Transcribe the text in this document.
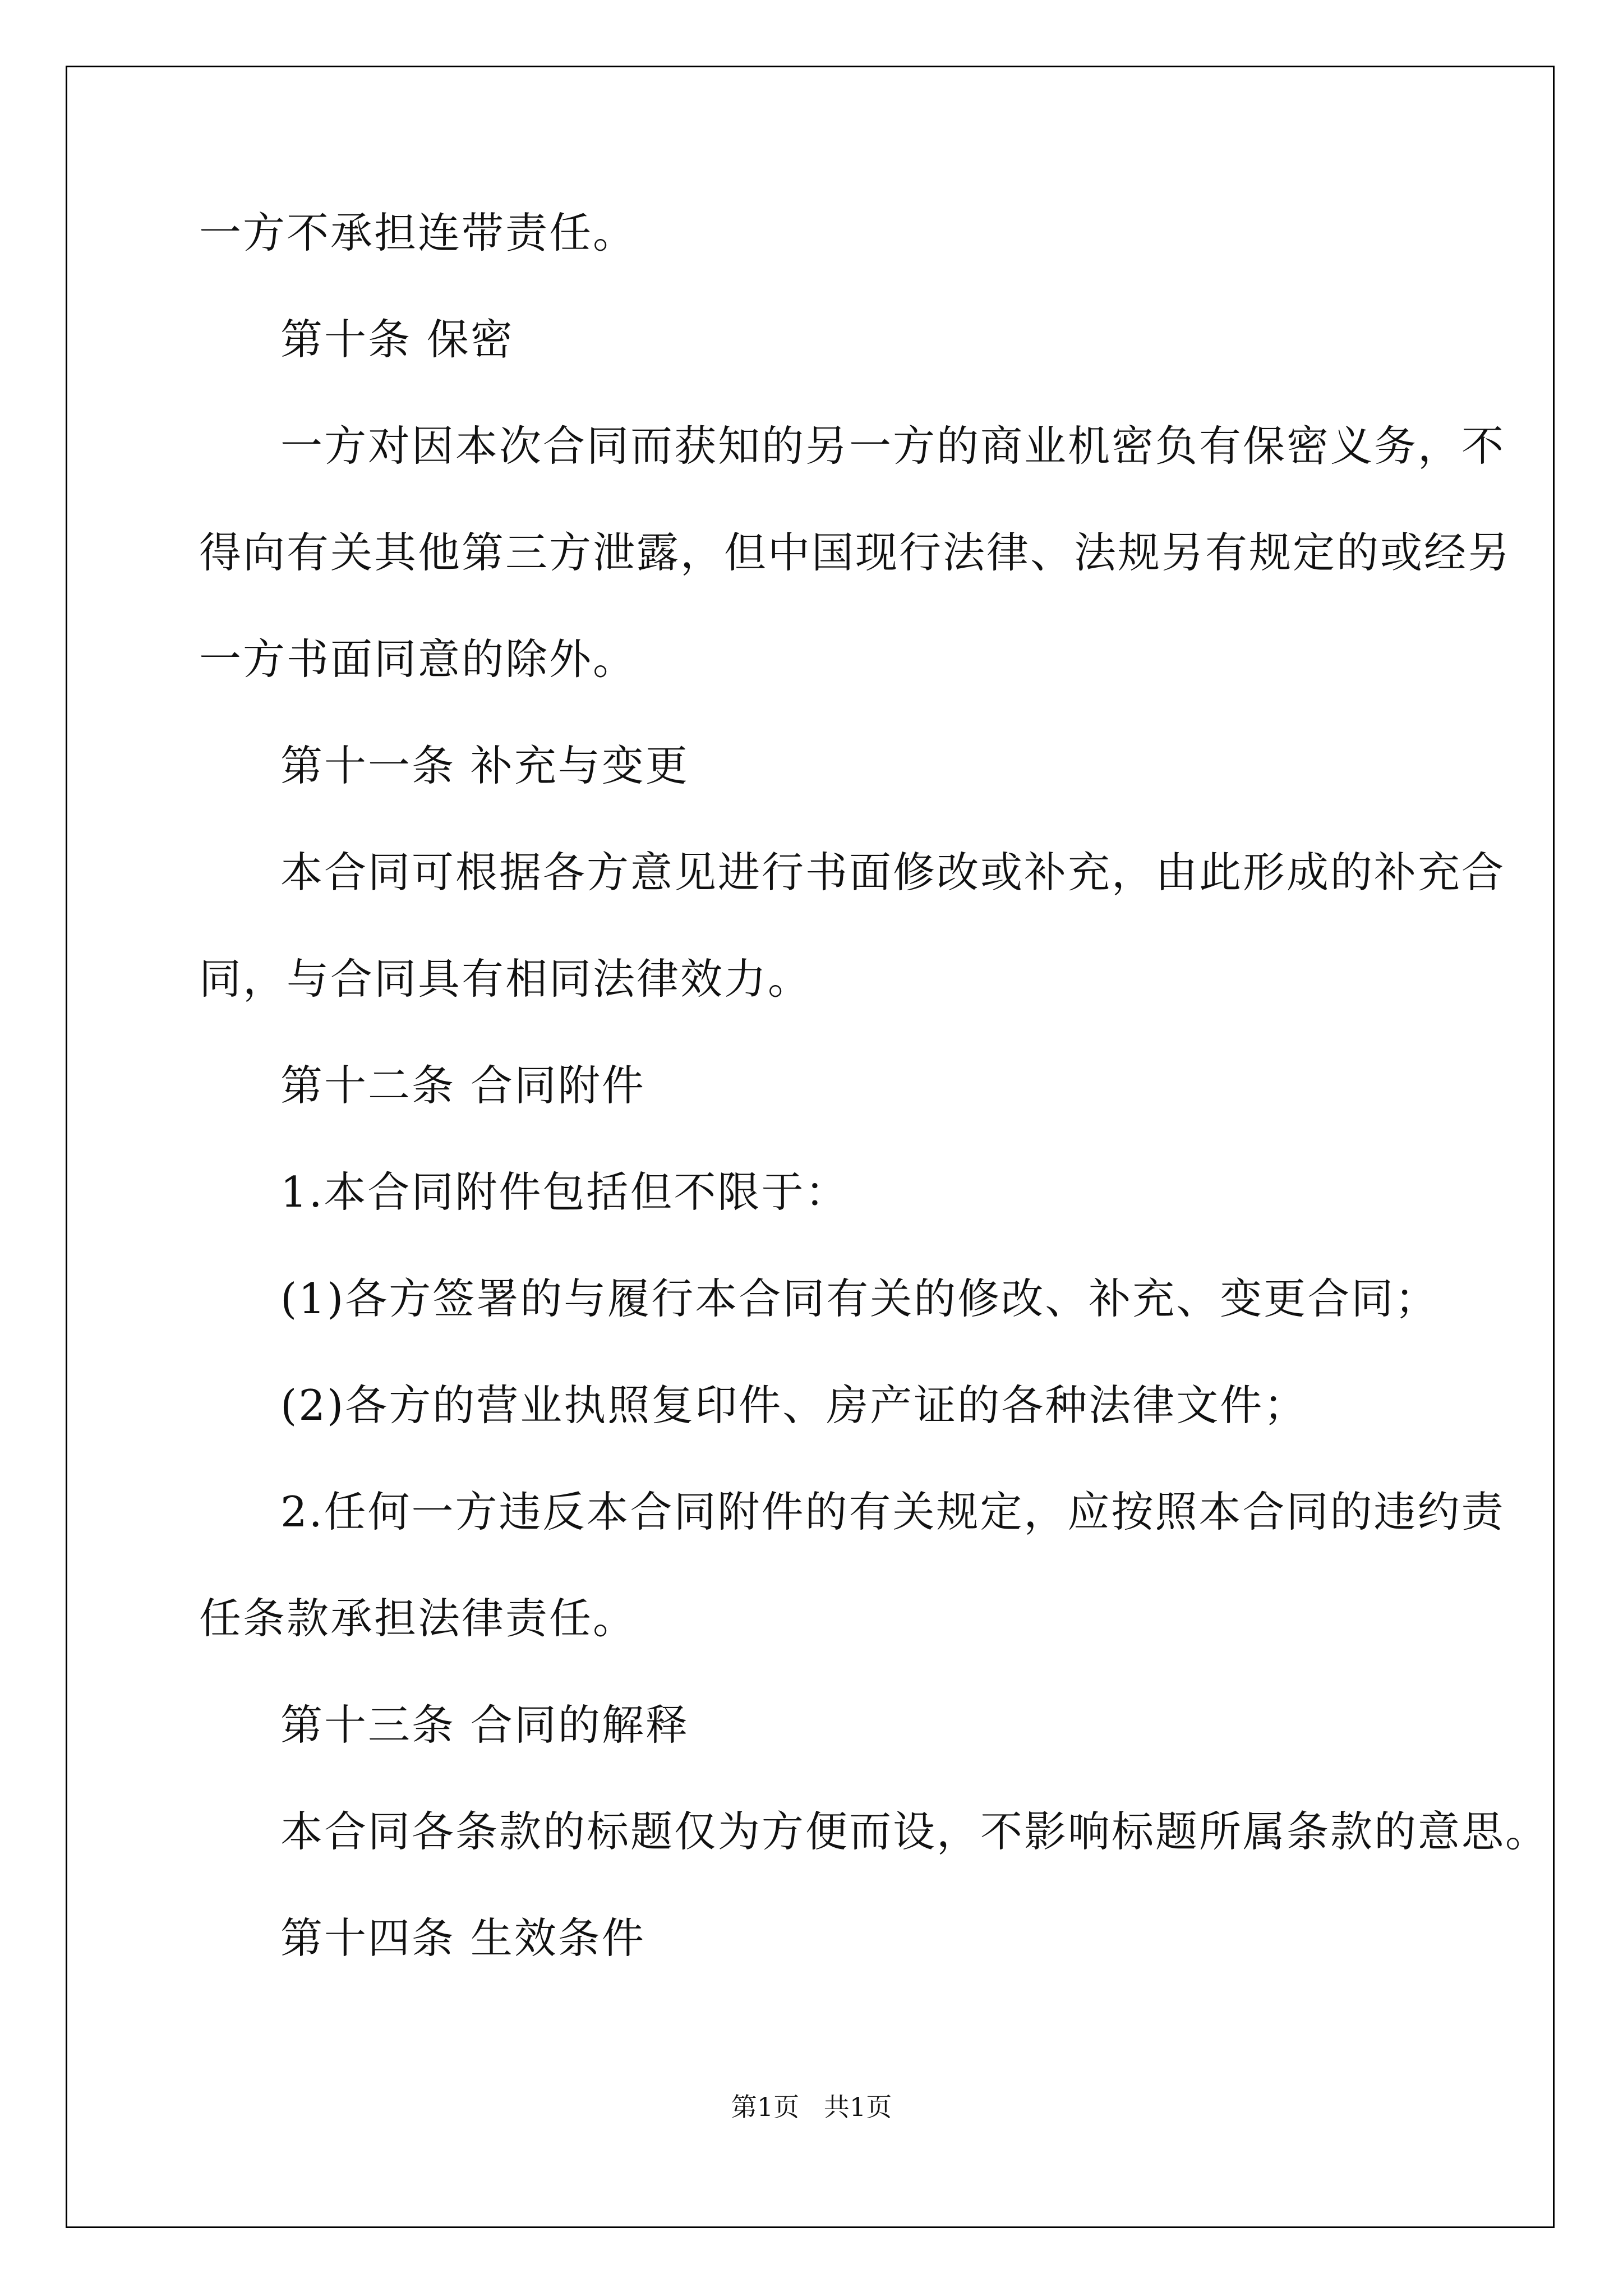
一方不承担连带责任。
第十条 保密
一方对因本次合同而获知的另一方的商业机密负有保密义务，不
得向有关其他第三方泄露，但中国现行法律、法规另有规定的或经另
一方书面同意的除外。
第十一条 补充与变更
本合同可根据各方意见进行书面修改或补充，由此形成的补充合
同，与合同具有相同法律效力。
第十二条 合同附件
1.本合同附件包括但不限于：
(1)各方签署的与履行本合同有关的修改、补充、变更合同；
(2)各方的营业执照复印件、房产证的各种法律文件；
2.任何一方违反本合同附件的有关规定，应按照本合同的违约责
任条款承担法律责任。
第十三条 合同的解释
本合同各条款的标题仅为方便而设，不影响标题所属条款的意思。
第十四条 生效条件
第1页   共1页
